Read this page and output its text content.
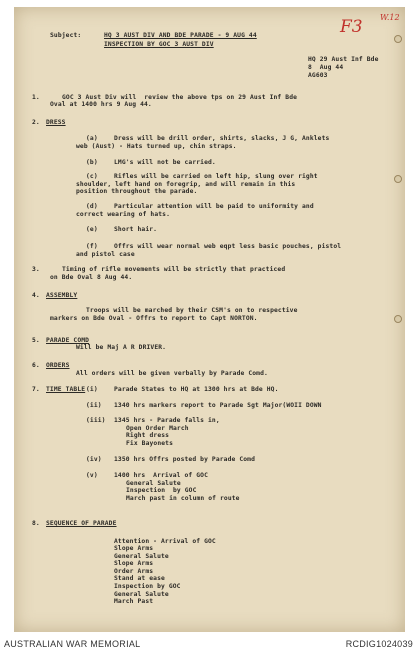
F3 W.12
Subject:	HQ 3 AUST DIV AND BDE PARADE - 9 AUG 44
INSPECTION BY GOC 3 AUST DIV
HQ 29 Aust Inf Bde
8  Aug 44
AG603
1.	GOC 3 Aust Div will  review the above tps on 29 Aust Inf Bde
Oval at 1400 hrs 9 Aug 44.
2. DRESS
(a)	Dress will be drill order, shirts, slacks, J G, Anklets
web (Aust) - Hats turned up, chin straps.
(b)	LMG's will not be carried.
(c)	Rifles will be carried on left hip, slung over right
shoulder, left hand on foregrip, and will remain in this
position throughout the parade.
(d)	Particular attention will be paid to uniformity and
correct wearing of hats.
(e)	Short hair.
(f)	Offrs will wear normal web eqpt less basic pouches, pistol
and pistol case
3.	Timing of rifle movements will be strictly that practiced
on Bde Oval 8 Aug 44.
4. ASSEMBLY
Troops will be marched by their CSM's on to respective
markers on Bde Oval - Offrs to report to Capt NORTON.
5. PARADE COMD
Will be Maj A R DRIVER.
6. ORDERS
All orders will be given verbally by Parade Comd.
7. TIME TABLE (i)	Parade States to HQ at 1300 hrs at Bde HQ.
(ii) 1340 hrs markers report to Parade Sgt Major(WOII DOWN
(iii) 1345 hrs - Parade falls in,
Open Order March
Right dress
Fix Bayonets
(iv) 1350 hrs Offrs posted by Parade Comd
(v)	1400 hrs  Arrival of GOC
General Salute
Inspection  by GOC
March past in column of route
8. SEQUENCE OF PARADE
Attention - Arrival of GOC
Slope Arms
General Salute
Slope Arms
Order Arms
Stand at ease
Inspection by GOC
General Salute
March Past
AUSTRALIAN WAR MEMORIAL	RCDIG1024039
